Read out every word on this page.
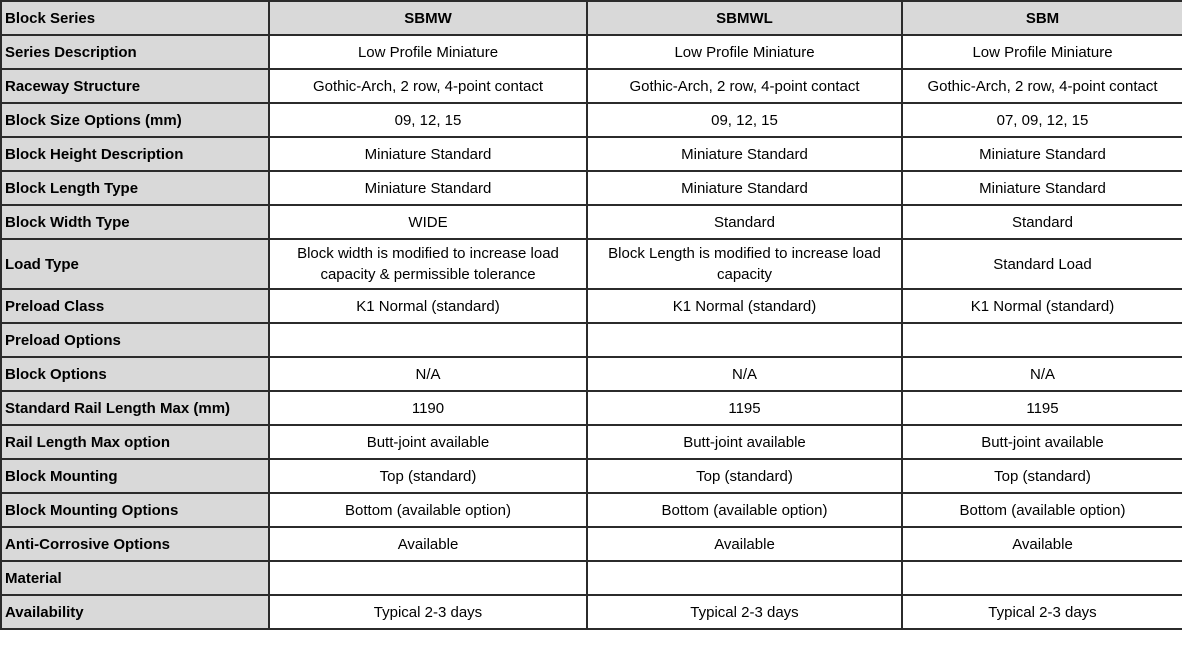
Block Series	SBMW	SBMWL	SBM
Series Description	Low Profile Miniature	Low Profile Miniature	Low Profile Miniature
Raceway Structure	Gothic-Arch, 2 row, 4-point contact	Gothic-Arch, 2 row, 4-point contact	Gothic-Arch, 2 row, 4-point contact
Block Size Options (mm)	09, 12, 15	09, 12, 15	07, 09, 12, 15
Block Height Description	Miniature Standard	Miniature Standard	Miniature Standard
Block Length Type	Miniature Standard	Miniature Standard	Miniature Standard
Block Width Type	WIDE	Standard	Standard
Load Type	Block width is modified to increase load capacity & permissible tolerance	Block Length is modified to increase load capacity	Standard Load
Preload Class	K1 Normal (standard)	K1 Normal (standard)	K1 Normal (standard)
Preload Options			
Block Options	N/A	N/A	N/A
Standard Rail Length Max (mm)	1190	1195	1195
Rail Length Max option	Butt-joint available	Butt-joint available	Butt-joint available
Block Mounting	Top (standard)	Top (standard)	Top (standard)
Block Mounting Options	Bottom (available option)	Bottom (available option)	Bottom (available option)
Anti-Corrosive Options	Available	Available	Available
Material			
Availability	Typical 2-3 days	Typical 2-3 days	Typical 2-3 days
